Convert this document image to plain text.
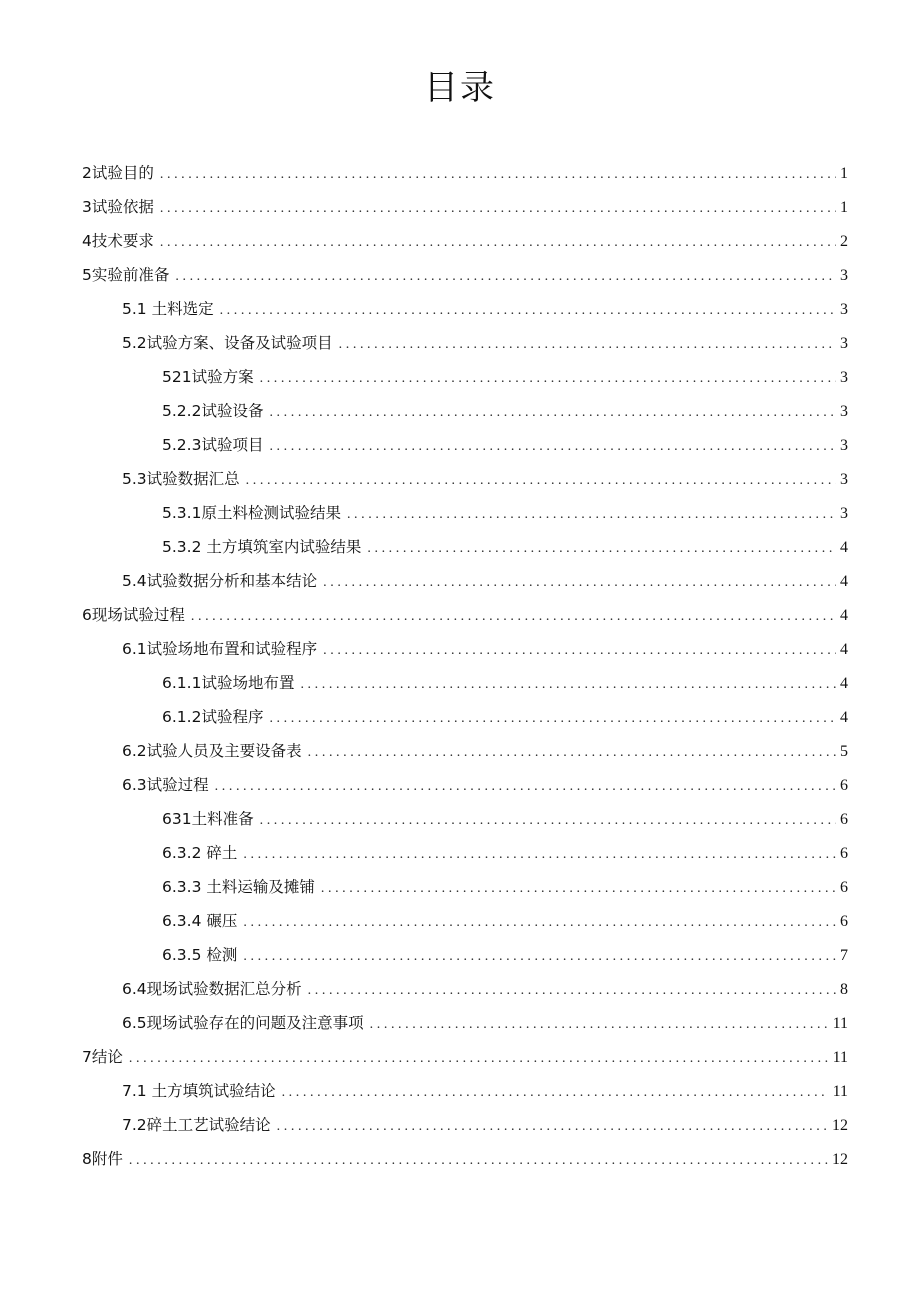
目录
2试验目的 .....	1
3试验依据 .....	1
4技术要求 .....	2
5实验前准备 .....	3
5.1 土料选定 .....	3
5.2试验方案、设备及试验项目 .....	3
521试验方案 .....	3
5.2.2试验设备 .....	3
5.2.3试验项目 .....	3
5.3试验数据汇总 .....	3
5.3.1原土料检测试验结果 .....	3
5.3.2 土方填筑室内试验结果 .....	4
5.4试验数据分析和基本结论 .....	4
6现场试验过程 .....	4
6.1试验场地布置和试验程序 .....	4
6.1.1试验场地布置 .....	4
6.1.2试验程序 .....	4
6.2试验人员及主要设备表 .....	5
6.3试验过程 .....	6
631土料准备 .....	6
6.3.2 碎土 .....	6
6.3.3 土料运输及摊铺 .....	6
6.3.4 碾压 .....	6
6.3.5 检测 .....	7
6.4现场试验数据汇总分析 .....	8
6.5现场试验存在的问题及注意事项 .....	11
7结论 .....	11
7.1 土方填筑试验结论 .....	11
7.2碎土工艺试验结论 .....	12
8附件 .....	12
